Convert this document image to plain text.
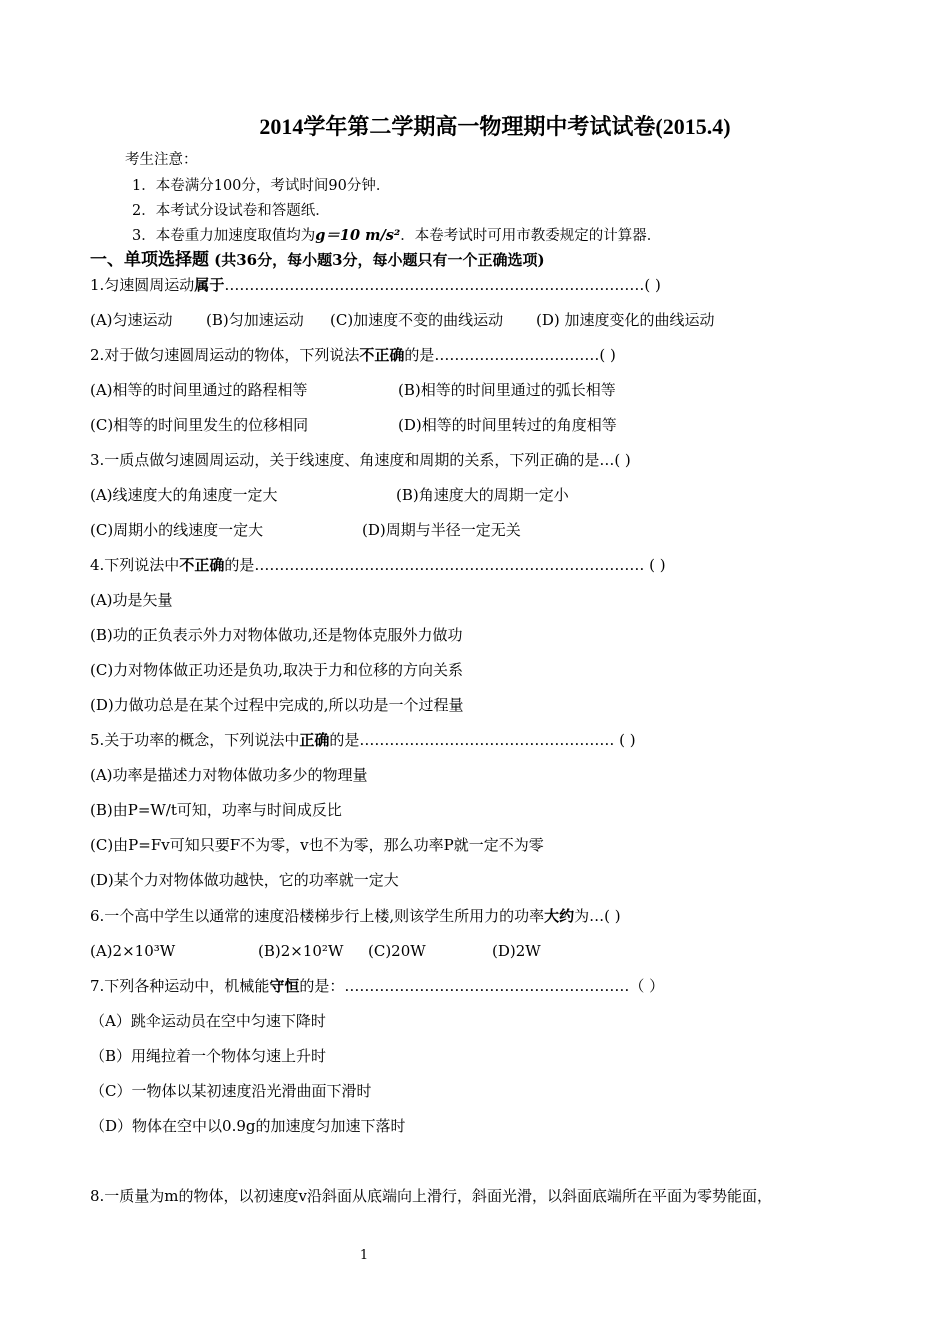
2014学年第二学期高一物理期中考试试卷(2015.4)
考生注意：
1．本卷满分100分，考试时间90分钟．
2．本考试分设试卷和答题纸．
3．本卷重力加速度取值均为g＝10 m/s²．本卷考试时可用市教委规定的计算器．
一、单项选择题 (共36分，每小题3分，每小题只有一个正确选项)
1.匀速圆周运动属于…………………………………………………………………………( )
(A)匀速运动 (B)匀加速运动 (C)加速度不变的曲线运动 (D) 加速度变化的曲线运动
2.对于做匀速圆周运动的物体，下列说法不正确的是……………………………( )
(A)相等的时间里通过的路程相等	(B)相等的时间里通过的弧长相等
(C)相等的时间里发生的位移相同	(D)相等的时间里转过的角度相等
3.一质点做匀速圆周运动，关于线速度、角速度和周期的关系，下列正确的是…( )
(A)线速度大的角速度一定大	(B)角速度大的周期一定小
(C)周期小的线速度一定大	(D)周期与半径一定无关
4.下列说法中不正确的是…………………………………………………………………… ( )
(A)功是矢量
(B)功的正负表示外力对物体做功,还是物体克服外力做功
(C)力对物体做正功还是负功,取决于力和位移的方向关系
(D)力做功总是在某个过程中完成的,所以功是一个过程量
5.关于功率的概念，下列说法中正确的是…………………………………………… ( )
(A)功率是描述力对物体做功多少的物理量
(B)由P=W/t可知，功率与时间成反比
(C)由P=Fv可知只要F不为零，v也不为零，那么功率P就一定不为零
(D)某个力对物体做功越快，它的功率就一定大
6.一个高中学生以通常的速度沿楼梯步行上楼,则该学生所用力的功率大约为…( )
(A)2×10³W	(B)2×10²W (C)20W	(D)2W
7.下列各种运动中，机械能守恒的是：…………………………………………………（ ）
（A）跳伞运动员在空中匀速下降时
（B）用绳拉着一个物体匀速上升时
（C）一物体以某初速度沿光滑曲面下滑时
（D）物体在空中以0.9g的加速度匀加速下落时
8.一质量为m的物体，以初速度v沿斜面从底端向上滑行，斜面光滑，以斜面底端所在平面为零势能面，
1
